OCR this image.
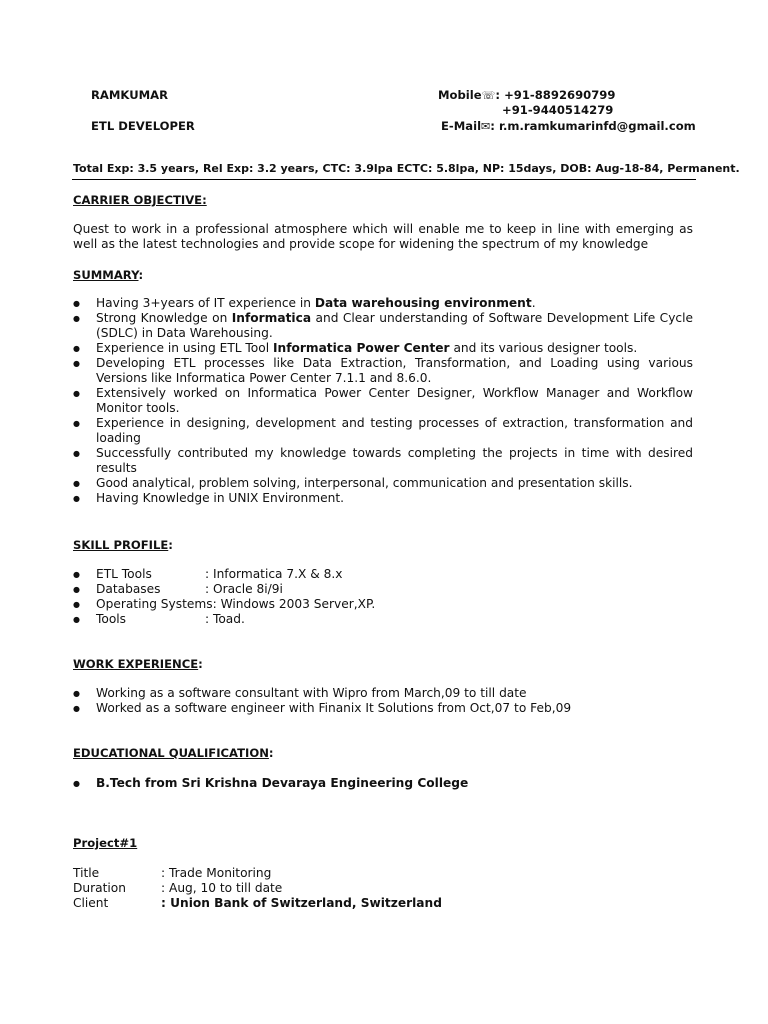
RAMKUMAR
ETL DEVELOPER
Mobile☏: +91-8892690799
+91-9440514279
E-Mail✉: r.m.ramkumarinfd@gmail.com
Total Exp: 3.5 years, Rel Exp: 3.2 years, CTC: 3.9lpa ECTC: 5.8lpa, NP: 15days, DOB: Aug-18-84, Permanent.
CARRIER OBJECTIVE:
Quest to work in a professional atmosphere which will enable me to keep in line with emerging as well as the latest technologies and provide scope for widening the spectrum of my knowledge
SUMMARY:
● Having 3+years of IT experience in Data warehousing environment.
● Strong Knowledge on Informatica and Clear understanding of Software Development Life Cycle (SDLC) in Data Warehousing.
● Experience in using ETL Tool Informatica Power Center and its various designer tools.
● Developing ETL processes like Data Extraction, Transformation, and Loading using various Versions like Informatica Power Center 7.1.1 and 8.6.0.
● Extensively worked on Informatica Power Center Designer, Workflow Manager and Workflow Monitor tools.
● Experience in designing, development and testing processes of extraction, transformation and loading
● Successfully contributed my knowledge towards completing the projects in time with desired results
● Good analytical, problem solving, interpersonal, communication and presentation skills.
● Having Knowledge in UNIX Environment.
SKILL PROFILE:
● ETL Tools	: Informatica 7.X & 8.x
● Databases	: Oracle 8i/9i
● Operating Systems: Windows 2003 Server,XP.
● Tools	: Toad.
WORK EXPERIENCE:
● Working as a software consultant with Wipro from March,09 to till date
● Worked as a software engineer with Finanix It Solutions from Oct,07 to Feb,09
EDUCATIONAL QUALIFICATION:
● B.Tech from Sri Krishna Devaraya Engineering College
Project#1
Title	: Trade Monitoring
Duration	: Aug, 10 to till date
Client	: Union Bank of Switzerland, Switzerland
